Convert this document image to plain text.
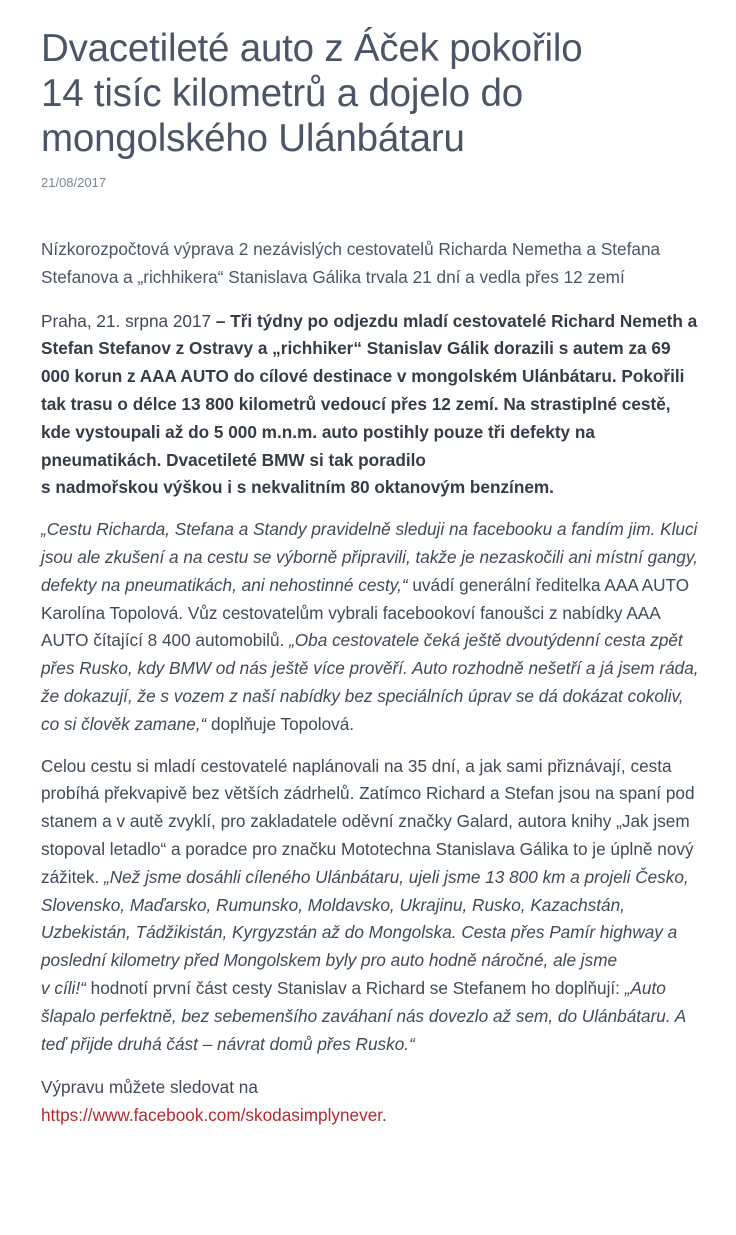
Dvacetileté auto z Áček pokořilo
14 tisíc kilometrů a dojelo do
mongolského Ulánbátaru
21/08/2017

Nízkorozpočtová výprava 2 nezávislých cestovatelů Richarda Nemetha a Stefana Stefanova a „richhikera“ Stanislava Gálika trvala 21 dní a vedla přes 12 zemí

Praha, 21. srpna 2017 – Tři týdny po odjezdu mladí cestovatelé Richard Nemeth a Stefan Stefanov z Ostravy a „richhiker“ Stanislav Gálik dorazili s autem za 69 000 korun z AAA AUTO do cílové destinace v mongolském Ulánbátaru. Pokořili tak trasu o délce 13 800 kilometrů vedoucí přes 12 zemí. Na strastiplné cestě, kde vystoupali až do 5 000 m.n.m. auto postihly pouze tři defekty na pneumatikách. Dvacetileté BMW si tak poradilo
s nadmořskou výškou i s nekvalitním 80 oktanovým benzínem.

„Cestu Richarda, Stefana a Standy pravidelně sleduji na facebooku a fandím jim. Kluci jsou ale zkušení a na cestu se výborně připravili, takže je nezaskočili ani místní gangy, defekty na pneumatikách, ani nehostinné cesty,“ uvádí generální ředitelka AAA AUTO Karolína Topolová. Vůz cestovatelům vybrali facebookoví fanoušci z nabídky AAA AUTO čítající 8 400 automobilů. „Oba cestovatele čeká ještě dvoutýdenní cesta zpět přes Rusko, kdy BMW od nás ještě více prověří. Auto rozhodně nešetří a já jsem ráda, že dokazují, že s vozem z naší nabídky bez speciálních úprav se dá dokázat cokoliv, co si člověk zamane,“ doplňuje Topolová.

Celou cestu si mladí cestovatelé naplánovali na 35 dní, a jak sami přiznávají, cesta probíhá překvapivě bez větších zádrhelů. Zatímco Richard a Stefan jsou na spaní pod stanem a v autě zvyklí, pro zakladatele oděvní značky Galard, autora knihy „Jak jsem stopoval letadlo“ a poradce pro značku Mototechna Stanislava Gálika to je úplně nový zážitek. „Než jsme dosáhli cíleného Ulánbátaru, ujeli jsme 13 800 km a projeli Česko, Slovensko, Maďarsko, Rumunsko, Moldavsko, Ukrajinu, Rusko, Kazachstán, Uzbekistán, Tádžikistán, Kyrgyzstán až do Mongolska. Cesta přes Pamír highway a poslední kilometry před Mongolskem byly pro auto hodně náročné, ale jsme
v cíli!“ hodnotí první část cesty Stanislav a Richard se Stefanem ho doplňují: „Auto šlapalo perfektně, bez sebemenšího zaváhaní nás dovezlo až sem, do Ulánbátaru. A teď přijde druhá část – návrat domů přes Rusko.“

Výpravu můžete sledovat na
https://www.facebook.com/skodasimplynever.
